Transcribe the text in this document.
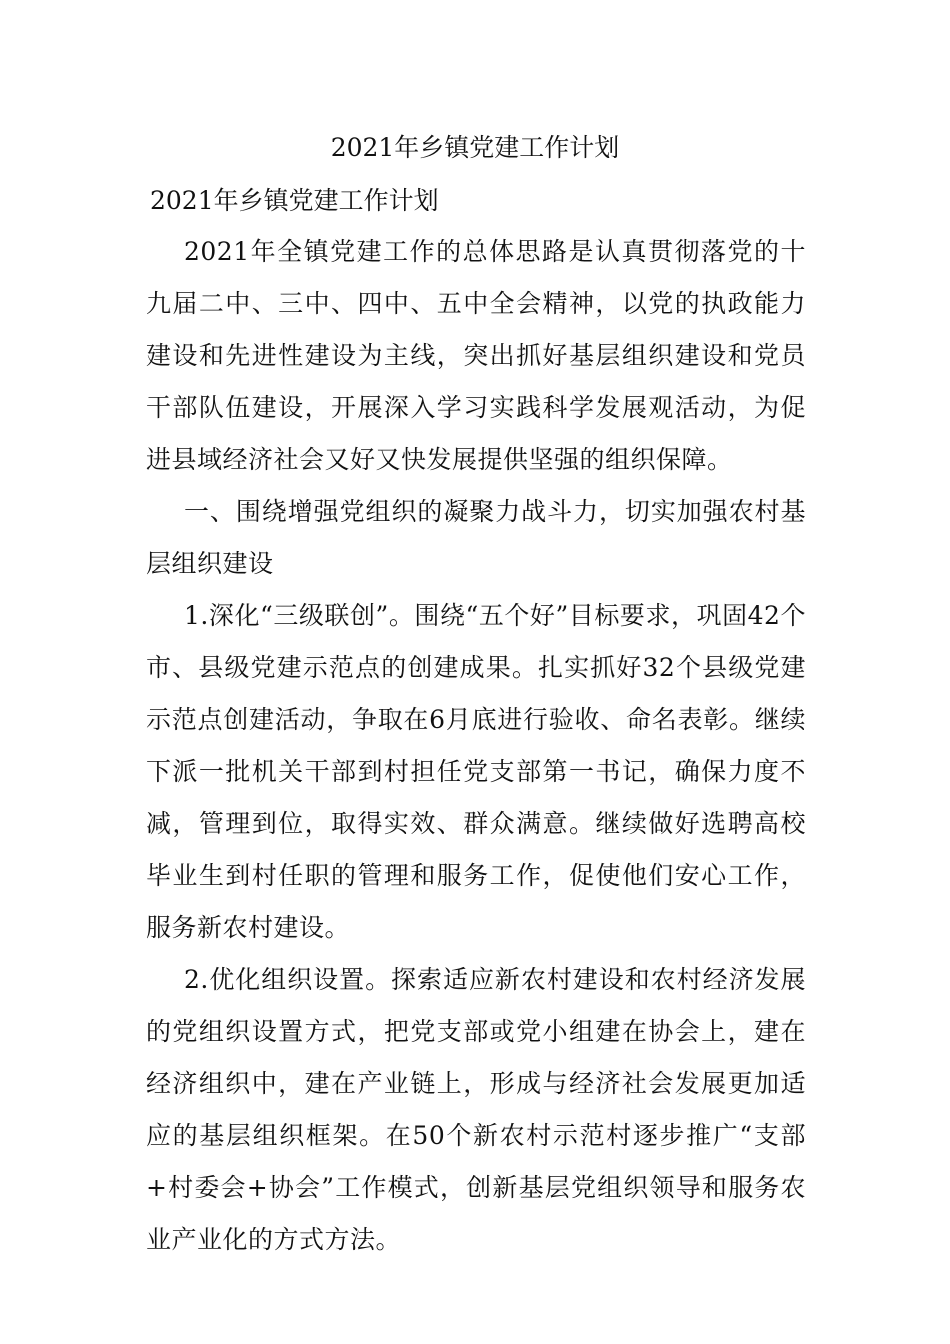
2021年乡镇党建工作计划
2021年乡镇党建工作计划

2021年全镇党建工作的总体思路是认真贯彻落党的十九届二中、三中、四中、五中全会精神，以党的执政能力建设和先进性建设为主线，突出抓好基层组织建设和党员干部队伍建设，开展深入学习实践科学发展观活动，为促进县域经济社会又好又快发展提供坚强的组织保障。

一、围绕增强党组织的凝聚力战斗力，切实加强农村基层组织建设

1.深化“三级联创”。围绕“五个好”目标要求，巩固42个市、县级党建示范点的创建成果。扎实抓好32个县级党建示范点创建活动，争取在6月底进行验收、命名表彰。继续下派一批机关干部到村担任党支部第一书记，确保力度不减，管理到位，取得实效、群众满意。继续做好选聘高校毕业生到村任职的管理和服务工作，促使他们安心工作，服务新农村建设。

2.优化组织设置。探索适应新农村建设和农村经济发展的党组织设置方式，把党支部或党小组建在协会上，建在经济组织中，建在产业链上，形成与经济社会发展更加适应的基层组织框架。在50个新农村示范村逐步推广“支部+村委会+协会”工作模式，创新基层党组织领导和服务农业产业化的方式方法。
